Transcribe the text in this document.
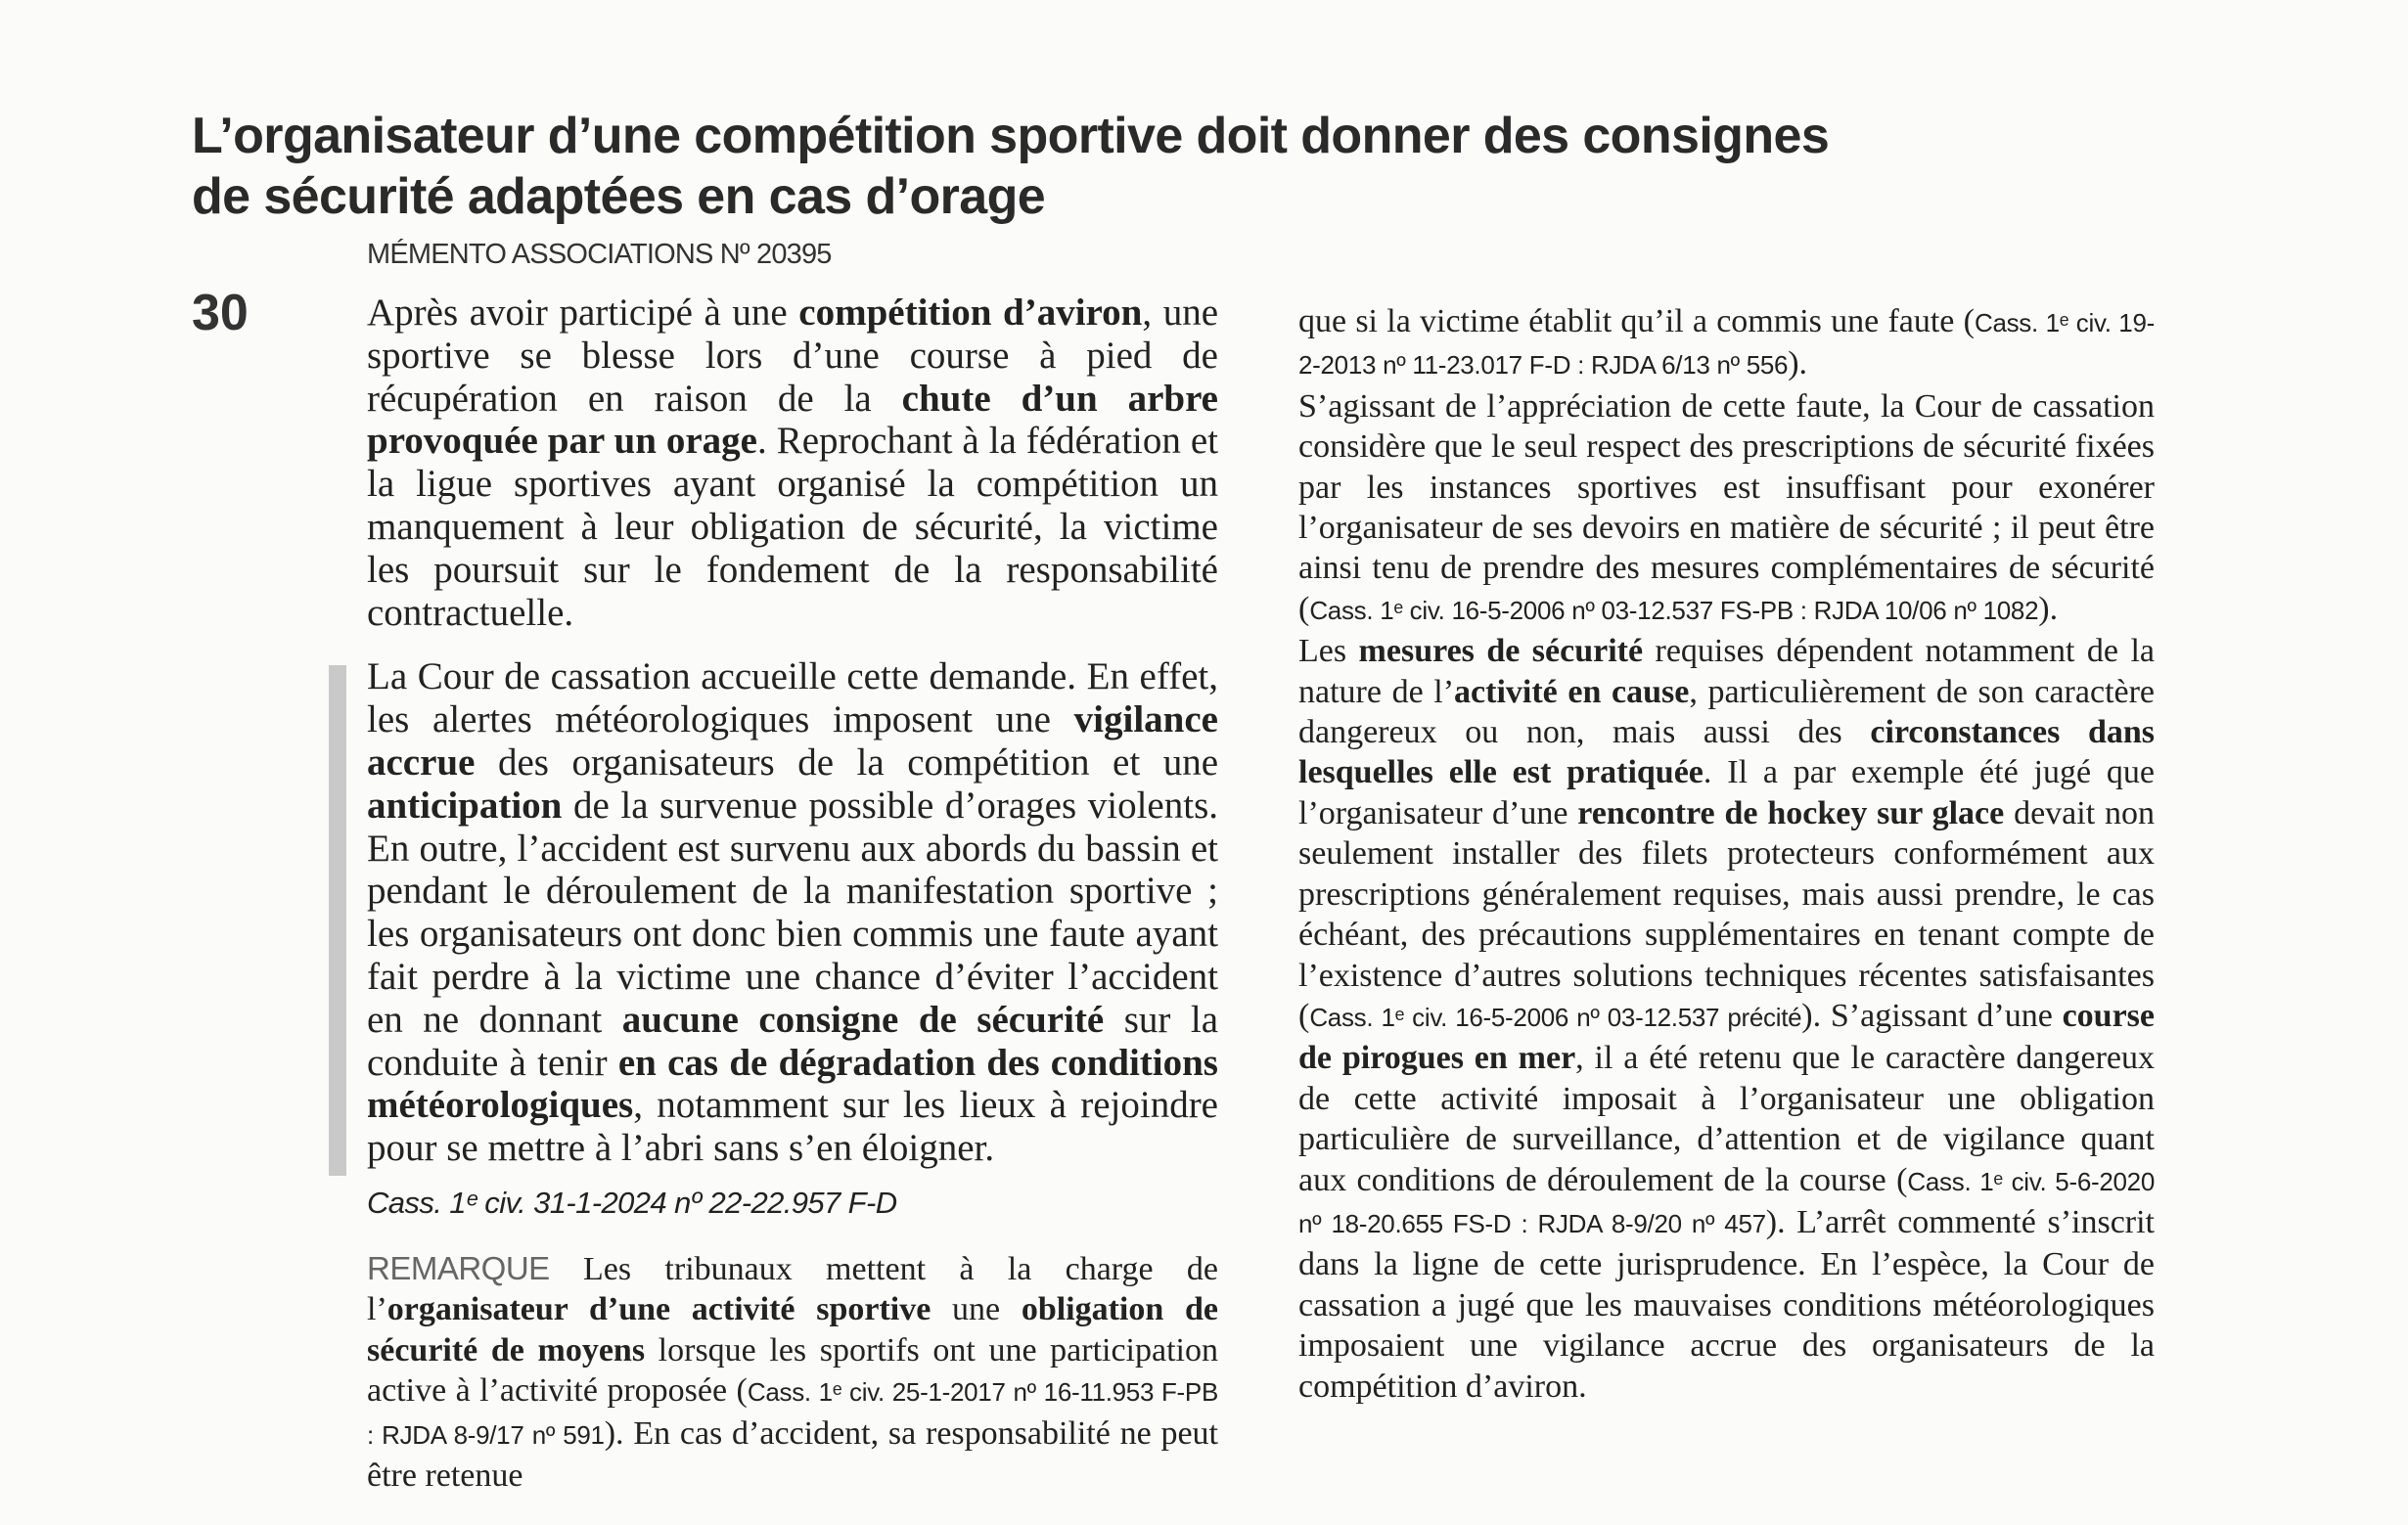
L’organisateur d’une compétition sportive doit donner des consignes
de sécurité adaptées en cas d’orage
MÉMENTO ASSOCIATIONS Nº 20395
30	Après avoir participé à une compétition d’aviron, une sportive se blesse lors d’une course à pied de récupération en raison de la chute d’un arbre provoquée par un orage. Reprochant à la fédération et la ligue sportives ayant organisé la compétition un manquement à leur obligation de sécurité, la victime les poursuit sur le fondement de la responsabilité contractuelle.

La Cour de cassation accueille cette demande. En effet, les alertes météorologiques imposent une vigilance accrue des organisateurs de la compétition et une anticipation de la survenue possible d’orages violents. En outre, l’accident est survenu aux abords du bassin et pendant le déroulement de la manifestation sportive ; les organisateurs ont donc bien commis une faute ayant fait perdre à la victime une chance d’éviter l’accident en ne donnant aucune consigne de sécurité sur la conduite à tenir en cas de dégradation des conditions météorologiques, notamment sur les lieux à rejoindre pour se mettre à l’abri sans s’en éloigner.

Cass. 1ᵉ civ. 31-1-2024 nº 22-22.957 F-D

REMARQUE Les tribunaux mettent à la charge de l’organisateur d’une activité sportive une obligation de sécurité de moyens lorsque les sportifs ont une participation active à l’activité proposée (Cass. 1ᵉ civ. 25-1-2017 nº 16-11.953 F-PB : RJDA 8-9/17 nº 591). En cas d’accident, sa responsabilité ne peut être retenue

que si la victime établit qu’il a commis une faute (Cass. 1ᵉ civ. 19-2-2013 nº 11-23.017 F-D : RJDA 6/13 nº 556).

S’agissant de l’appréciation de cette faute, la Cour de cassation considère que le seul respect des prescriptions de sécurité fixées par les instances sportives est insuffisant pour exonérer l’organisateur de ses devoirs en matière de sécurité ; il peut être ainsi tenu de prendre des mesures complémentaires de sécurité (Cass. 1ᵉ civ. 16-5-2006 nº 03-12.537 FS-PB : RJDA 10/06 nº 1082).

Les mesures de sécurité requises dépendent notamment de la nature de l’activité en cause, particulièrement de son caractère dangereux ou non, mais aussi des circonstances dans lesquelles elle est pratiquée. Il a par exemple été jugé que l’organisateur d’une rencontre de hockey sur glace devait non seulement installer des filets protecteurs conformément aux prescriptions généralement requises, mais aussi prendre, le cas échéant, des précautions supplémentaires en tenant compte de l’existence d’autres solutions techniques récentes satisfaisantes (Cass. 1ᵉ civ. 16-5-2006 nº 03-12.537 précité). S’agissant d’une course de pirogues en mer, il a été retenu que le caractère dangereux de cette activité imposait à l’organisateur une obligation particulière de surveillance, d’attention et de vigilance quant aux conditions de déroulement de la course (Cass. 1ᵉ civ. 5-6-2020 nº 18-20.655 FS-D : RJDA 8-9/20 nº 457). L’arrêt commenté s’inscrit dans la ligne de cette jurisprudence. En l’espèce, la Cour de cassation a jugé que les mauvaises conditions météorologiques imposaient une vigilance accrue des organisateurs de la compétition d’aviron.
